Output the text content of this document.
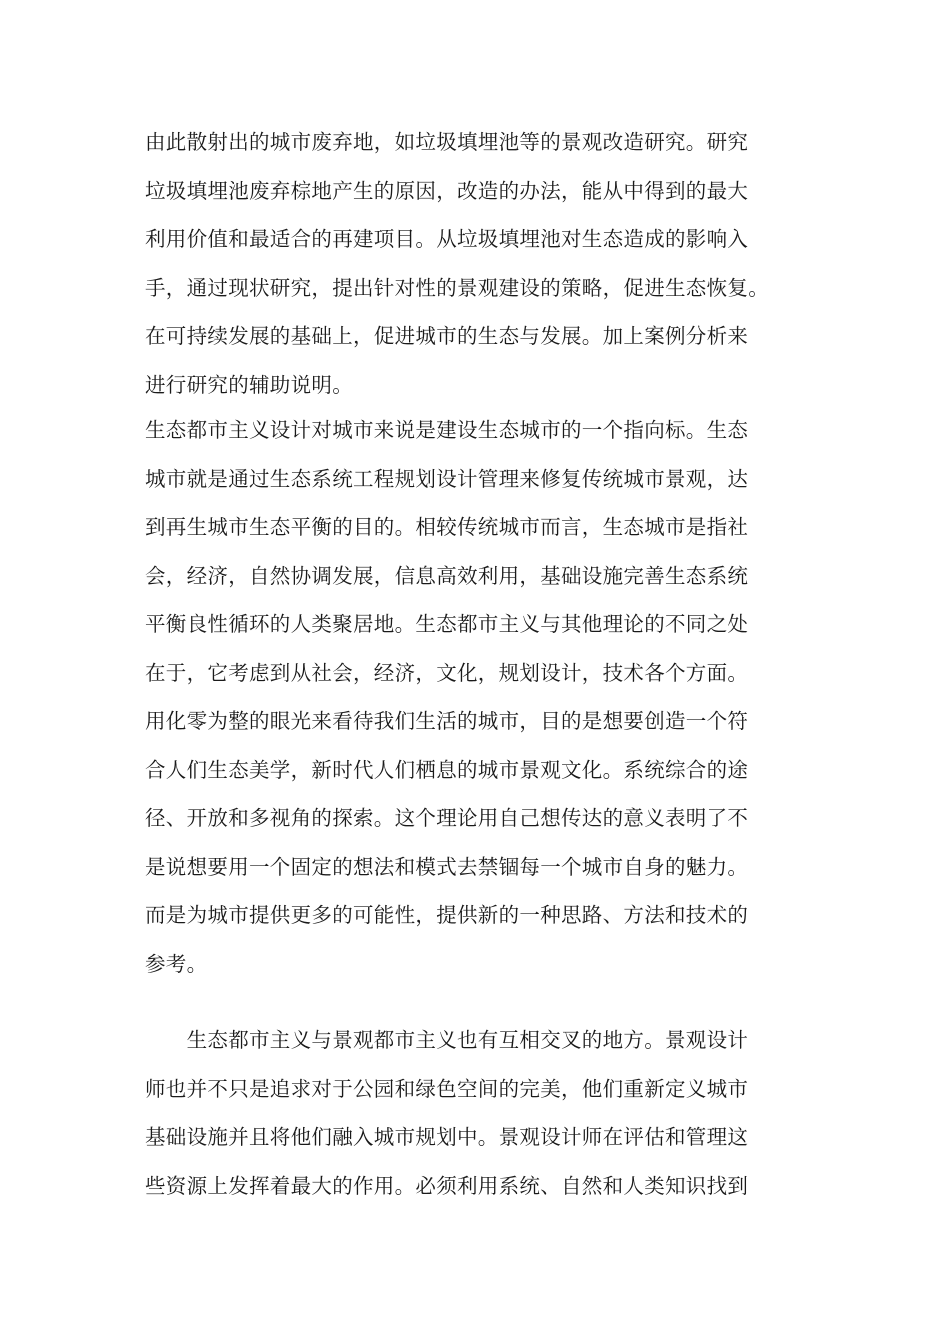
由此散射出的城市废弃地，如垃圾填埋池等的景观改造研究。研究
垃圾填埋池废弃棕地产生的原因，改造的办法，能从中得到的最大
利用价值和最适合的再建项目。从垃圾填埋池对生态造成的影响入
手，通过现状研究，提出针对性的景观建设的策略，促进生态恢复。
在可持续发展的基础上，促进城市的生态与发展。加上案例分析来
进行研究的辅助说明。
生态都市主义设计对城市来说是建设生态城市的一个指向标。生态
城市就是通过生态系统工程规划设计管理来修复传统城市景观，达
到再生城市生态平衡的目的。相较传统城市而言，生态城市是指社
会，经济，自然协调发展，信息高效利用，基础设施完善生态系统
平衡良性循环的人类聚居地。生态都市主义与其他理论的不同之处
在于，它考虑到从社会，经济，文化，规划设计，技术各个方面。
用化零为整的眼光来看待我们生活的城市，目的是想要创造一个符
合人们生态美学，新时代人们栖息的城市景观文化。系统综合的途
径、开放和多视角的探索。这个理论用自己想传达的意义表明了不
是说想要用一个固定的想法和模式去禁锢每一个城市自身的魅力。
而是为城市提供更多的可能性，提供新的一种思路、方法和技术的
参考。
　　生态都市主义与景观都市主义也有互相交叉的地方。景观设计
师也并不只是追求对于公园和绿色空间的完美，他们重新定义城市
基础设施并且将他们融入城市规划中。景观设计师在评估和管理这
些资源上发挥着最大的作用。必须利用系统、自然和人类知识找到
